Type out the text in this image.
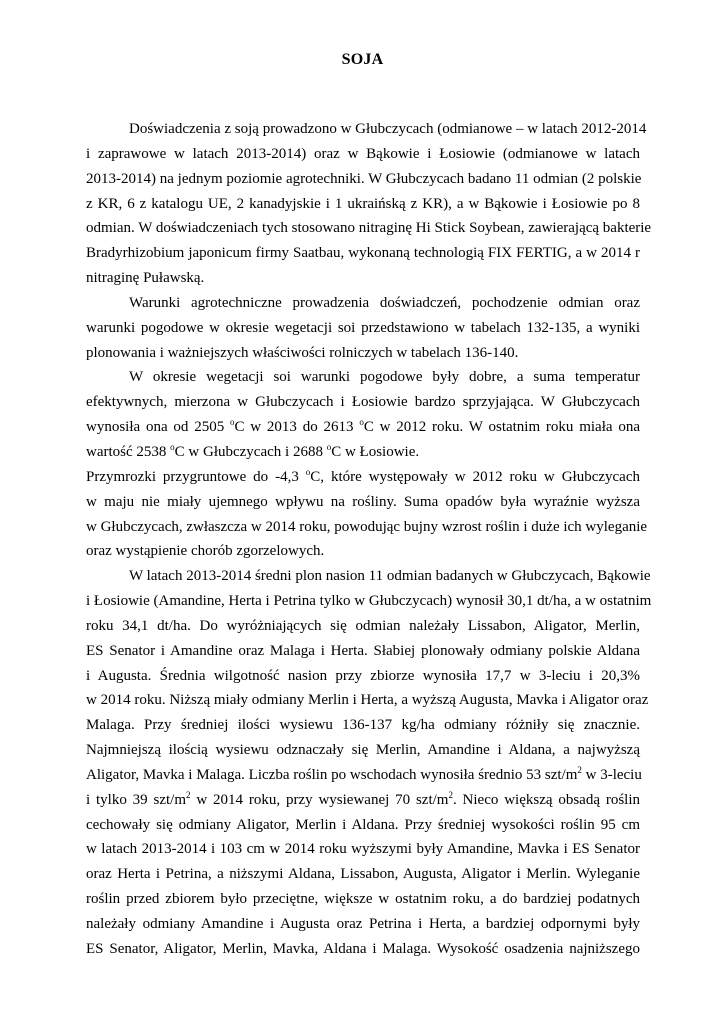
SOJA
Doświadczenia z soją prowadzono w Głubczycach (odmianowe – w latach 2012-2014
i zaprawowe w latach 2013-2014) oraz w Bąkowie i Łosiowie (odmianowe w latach
2013-2014) na jednym poziomie agrotechniki. W Głubczycach badano 11 odmian (2 polskie
z KR, 6 z katalogu UE, 2 kanadyjskie i 1 ukraińską z KR), a w Bąkowie i Łosiowie po 8
odmian. W doświadczeniach tych stosowano nitraginę Hi Stick Soybean, zawierającą bakterie
Bradyrhizobium japonicum firmy Saatbau, wykonaną technologią FIX FERTIG, a w 2014 r
nitraginę Puławską.
Warunki agrotechniczne prowadzenia doświadczeń, pochodzenie odmian oraz
warunki pogodowe w okresie wegetacji soi przedstawiono w tabelach 132-135, a wyniki
plonowania i ważniejszych właściwości rolniczych w tabelach 136-140.
W okresie wegetacji soi warunki pogodowe były dobre, a suma temperatur
efektywnych, mierzona w Głubczycach i Łosiowie bardzo sprzyjająca. W Głubczycach
wynosiła ona od 2505 $^o$C w 2013 do 2613 $^o$C w 2012 roku. W ostatnim roku miała ona
wartość 2538 $^o$C w Głubczycach i 2688 $^o$C w Łosiowie.
Przymrozki przygruntowe do -4,3 $^o$C, które występowały w 2012 roku w Głubczycach
w maju nie miały ujemnego wpływu na rośliny. Suma opadów była wyraźnie wyższa
w Głubczycach, zwłaszcza w 2014 roku, powodując bujny wzrost roślin i duże ich wyleganie
oraz wystąpienie chorób zgorzelowych.
W latach 2013-2014 średni plon nasion 11 odmian badanych w Głubczycach, Bąkowie
i Łosiowie (Amandine, Herta i Petrina tylko w Głubczycach) wynosił 30,1 dt/ha, a w ostatnim
roku 34,1 dt/ha. Do wyróżniających się odmian należały Lissabon, Aligator, Merlin,
ES Senator i Amandine oraz Malaga i Herta. Słabiej plonowały odmiany polskie Aldana
i Augusta. Średnia wilgotność nasion przy zbiorze wynosiła 17,7 w 3-leciu i 20,3%
w 2014 roku. Niższą miały odmiany Merlin i Herta, a wyższą Augusta, Mavka i Aligator oraz
Malaga. Przy średniej ilości wysiewu 136-137 kg/ha odmiany różniły się znacznie.
Najmniejszą ilością wysiewu odznaczały się Merlin, Amandine i Aldana, a najwyższą
Aligator, Mavka i Malaga. Liczba roślin po wschodach wynosiła średnio 53 szt/$m^2$ w 3-leciu
i tylko 39 szt/$m^2$ w 2014 roku, przy wysiewanej 70 szt/$m^2$. Nieco większą obsadą roślin
cechowały się odmiany Aligator, Merlin i Aldana. Przy średniej wysokości roślin 95 cm
w latach 2013-2014 i 103 cm w 2014 roku wyższymi były Amandine, Mavka i ES Senator
oraz Herta i Petrina, a niższymi Aldana, Lissabon, Augusta, Aligator i Merlin. Wyleganie
roślin przed zbiorem było przeciętne, większe w ostatnim roku, a do bardziej podatnych
należały odmiany Amandine i Augusta oraz Petrina i Herta, a bardziej odpornymi były
ES Senator, Aligator, Merlin, Mavka, Aldana i Malaga. Wysokość osadzenia najniższego
